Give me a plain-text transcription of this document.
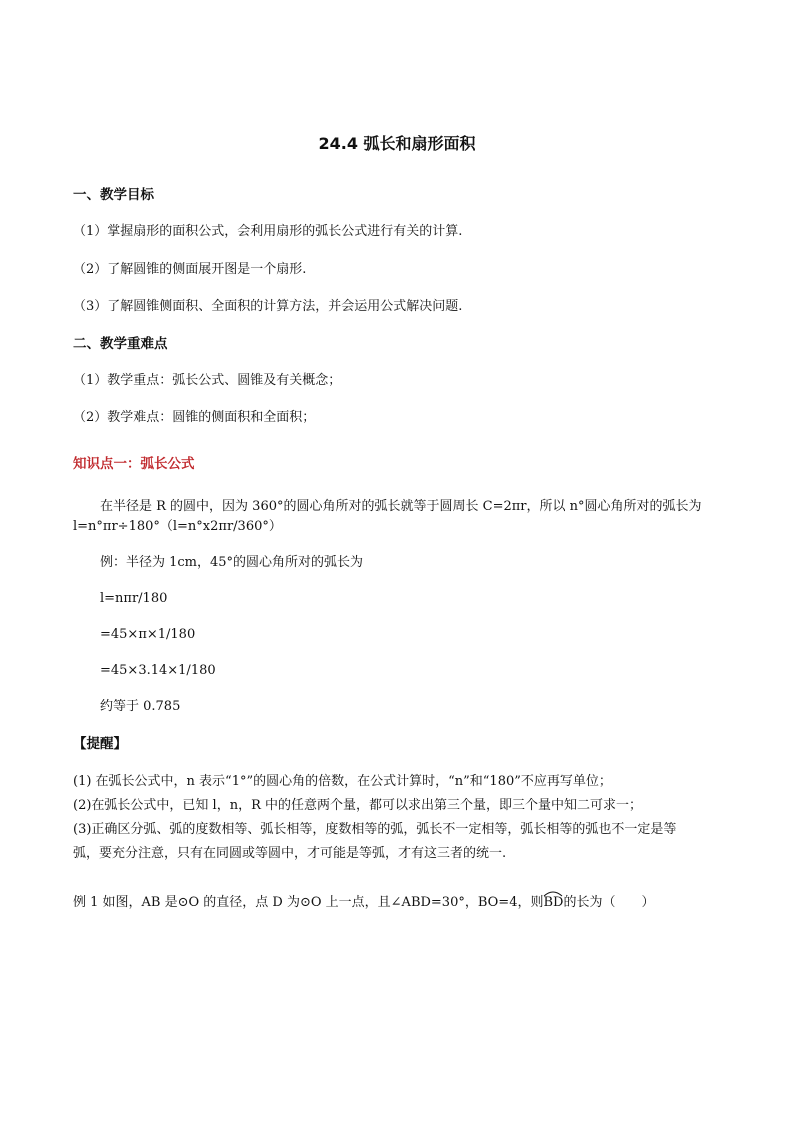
24.4 弧长和扇形面积
一、教学目标
（1）掌握扇形的面积公式，会利用扇形的弧长公式进行有关的计算.
（2）了解圆锥的侧面展开图是一个扇形.
（3）了解圆锥侧面积、全面积的计算方法，并会运用公式解决问题.
二、教学重难点
（1）教学重点：弧长公式、圆锥及有关概念；
（2）教学难点：圆锥的侧面积和全面积；
知识点一：弧长公式
在半径是 R 的圆中，因为 360°的圆心角所对的弧长就等于圆周长 C=2πr，所以 n°圆心角所对的弧长为
l=n°πr÷180°（l=n°x2πr/360°）
例：半径为 1cm，45°的圆心角所对的弧长为
l=nπr/180
=45×π×1/180
=45×3.14×1/180
约等于 0.785
【提醒】
(1) 在弧长公式中，n 表示“1°”的圆心角的倍数，在公式计算时，“n”和“180”不应再写单位；
(2)在弧长公式中，已知 l，n，R 中的任意两个量，都可以求出第三个量，即三个量中知二可求一；
(3)正确区分弧、弧的度数相等、弧长相等，度数相等的弧，弧长不一定相等，弧长相等的弧也不一定是等
弧，要充分注意，只有在同圆或等圆中，才可能是等弧，才有这三者的统一.
例 1 如图，AB 是⊙O 的直径，点 D 为⊙O 上一点，且∠ABD=30°，BO=4，则
BD的长为（　　）
